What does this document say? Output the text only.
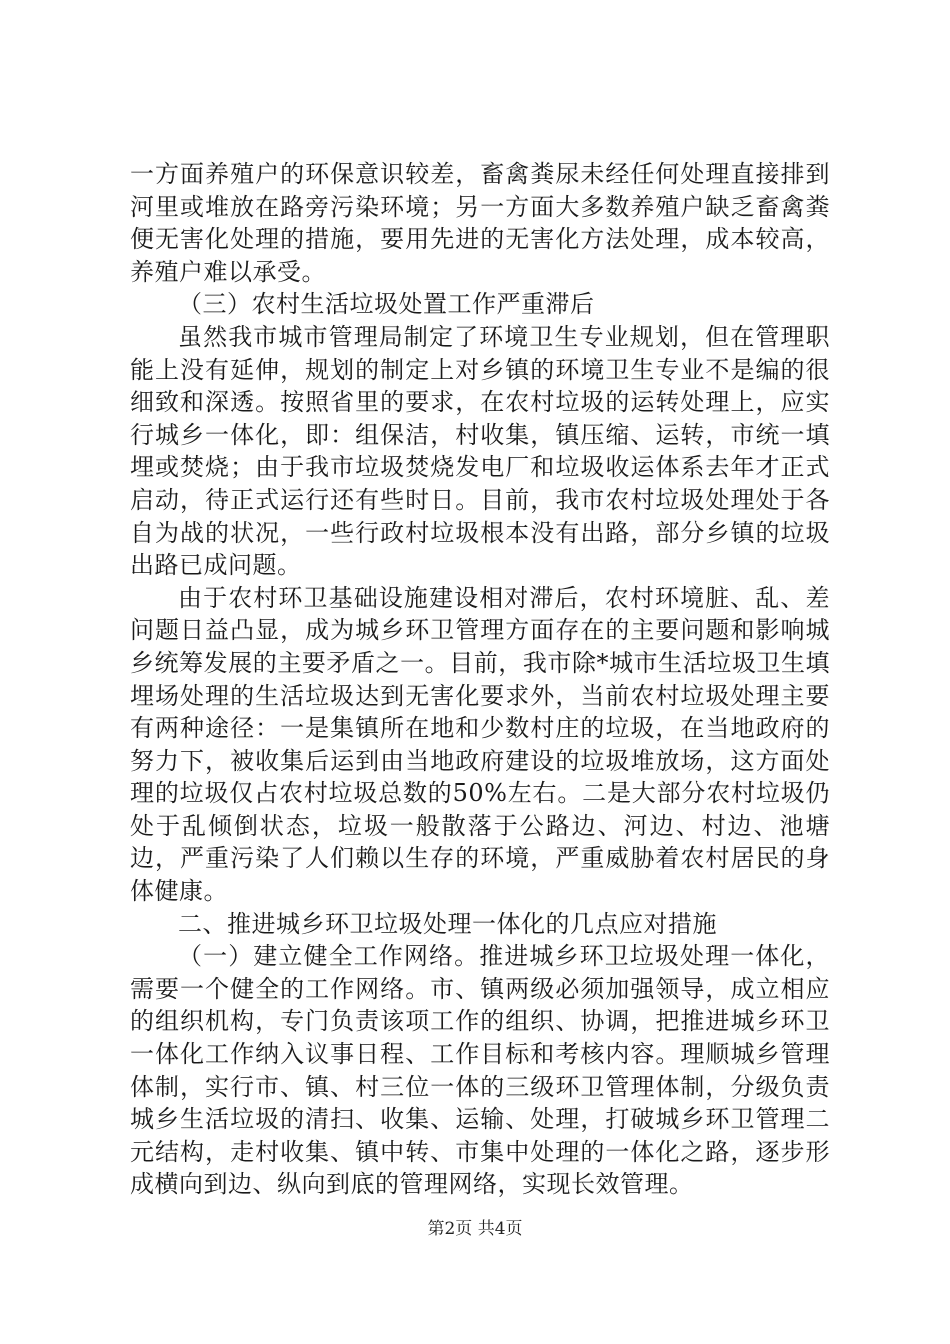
一方面养殖户的环保意识较差，畜禽粪尿未经任何处理直接排到河里或堆放在路旁污染环境；另一方面大多数养殖户缺乏畜禽粪便无害化处理的措施，要用先进的无害化方法处理，成本较高，养殖户难以承受。

（三）农村生活垃圾处置工作严重滞后

虽然我市城市管理局制定了环境卫生专业规划，但在管理职能上没有延伸，规划的制定上对乡镇的环境卫生专业不是编的很细致和深透。按照省里的要求，在农村垃圾的运转处理上，应实行城乡一体化，即：组保洁，村收集，镇压缩、运转，市统一填埋或焚烧；由于我市垃圾焚烧发电厂和垃圾收运体系去年才正式启动，待正式运行还有些时日。目前，我市农村垃圾处理处于各自为战的状况，一些行政村垃圾根本没有出路，部分乡镇的垃圾出路已成问题。

由于农村环卫基础设施建设相对滞后，农村环境脏、乱、差问题日益凸显，成为城乡环卫管理方面存在的主要问题和影响城乡统筹发展的主要矛盾之一。目前，我市除*城市生活垃圾卫生填埋场处理的生活垃圾达到无害化要求外，当前农村垃圾处理主要有两种途径：一是集镇所在地和少数村庄的垃圾，在当地政府的努力下，被收集后运到由当地政府建设的垃圾堆放场，这方面处理的垃圾仅占农村垃圾总数的50%左右。二是大部分农村垃圾仍处于乱倾倒状态，垃圾一般散落于公路边、河边、村边、池塘边，严重污染了人们赖以生存的环境，严重威胁着农村居民的身体健康。

二、推进城乡环卫垃圾处理一体化的几点应对措施

（一）建立健全工作网络。推进城乡环卫垃圾处理一体化，需要一个健全的工作网络。市、镇两级必须加强领导，成立相应的组织机构，专门负责该项工作的组织、协调，把推进城乡环卫一体化工作纳入议事日程、工作目标和考核内容。理顺城乡管理体制，实行市、镇、村三位一体的三级环卫管理体制，分级负责城乡生活垃圾的清扫、收集、运输、处理，打破城乡环卫管理二元结构，走村收集、镇中转、市集中处理的一体化之路，逐步形成横向到边、纵向到底的管理网络，实现长效管理。

第2页 共4页
